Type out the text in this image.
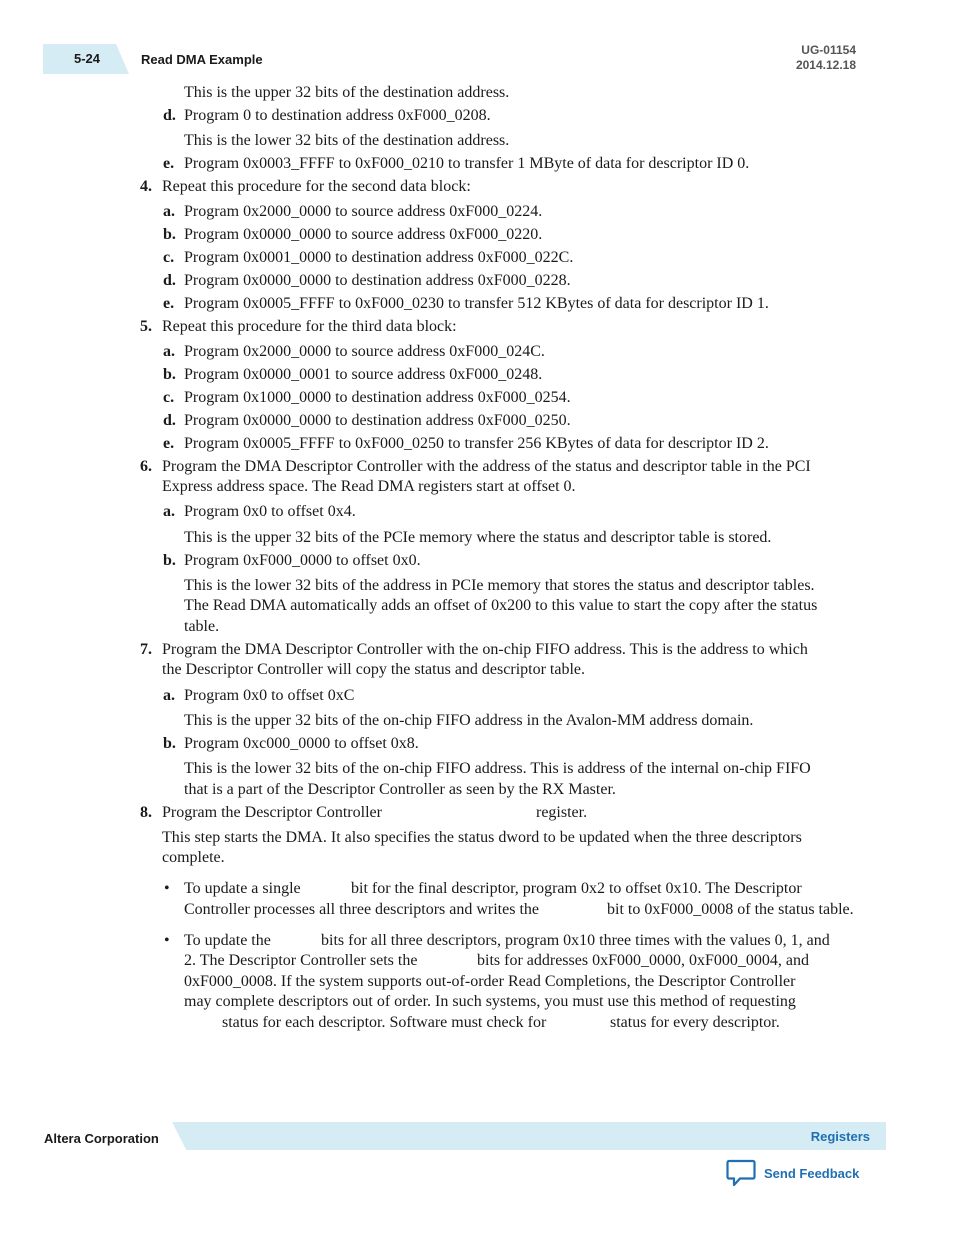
5-24	Read DMA Example
UG-01154
2014.12.18
This is the upper 32 bits of the destination address.
d. Program 0 to destination address 0xF000_0208.
This is the lower 32 bits of the destination address.
e. Program 0x0003_FFFF to 0xF000_0210 to transfer 1 MByte of data for descriptor ID 0.
4. Repeat this procedure for the second data block:
a. Program 0x2000_0000 to source address 0xF000_0224.
b. Program 0x0000_0000 to source address 0xF000_0220.
c. Program 0x0001_0000 to destination address 0xF000_022C.
d. Program 0x0000_0000 to destination address 0xF000_0228.
e. Program 0x0005_FFFF to 0xF000_0230 to transfer 512 KBytes of data for descriptor ID 1.
5. Repeat this procedure for the third data block:
a. Program 0x2000_0000 to source address 0xF000_024C.
b. Program 0x0000_0001 to source address 0xF000_0248.
c. Program 0x1000_0000 to destination address 0xF000_0254.
d. Program 0x0000_0000 to destination address 0xF000_0250.
e. Program 0x0005_FFFF to 0xF000_0250 to transfer 256 KBytes of data for descriptor ID 2.
6. Program the DMA Descriptor Controller with the address of the status and descriptor table in the PCI
Express address space. The Read DMA registers start at offset 0.
a. Program 0x0 to offset 0x4.
This is the upper 32 bits of the PCIe memory where the status and descriptor table is stored.
b. Program 0xF000_0000 to offset 0x0.
This is the lower 32 bits of the address in PCIe memory that stores the status and descriptor tables.
The Read DMA automatically adds an offset of 0x200 to this value to start the copy after the status
table.
7. Program the DMA Descriptor Controller with the on-chip FIFO address. This is the address to which
the Descriptor Controller will copy the status and descriptor table.
a. Program 0x0 to offset 0xC
This is the upper 32 bits of the on-chip FIFO address in the Avalon-MM address domain.
b. Program 0xc000_0000 to offset 0x8.
This is the lower 32 bits of the on-chip FIFO address. This is address of the internal on-chip FIFO
that is a part of the Descriptor Controller as seen by the RX Master.
8. Program the Descriptor Controller	register.
This step starts the DMA. It also specifies the status dword to be updated when the three descriptors
complete.
• To update a single	bit for the final descriptor, program 0x2 to offset 0x10. The Descriptor
Controller processes all three descriptors and writes the	bit to 0xF000_0008 of the status table.
• To update the	bits for all three descriptors, program 0x10 three times with the values 0, 1, and
2. The Descriptor Controller sets the	bits for addresses 0xF000_0000, 0xF000_0004, and
0xF000_0008. If the system supports out-of-order Read Completions, the Descriptor Controller
may complete descriptors out of order. In such systems, you must use this method of requesting
status for each descriptor. Software must check for	status for every descriptor.
Altera Corporation	Registers
Send Feedback
